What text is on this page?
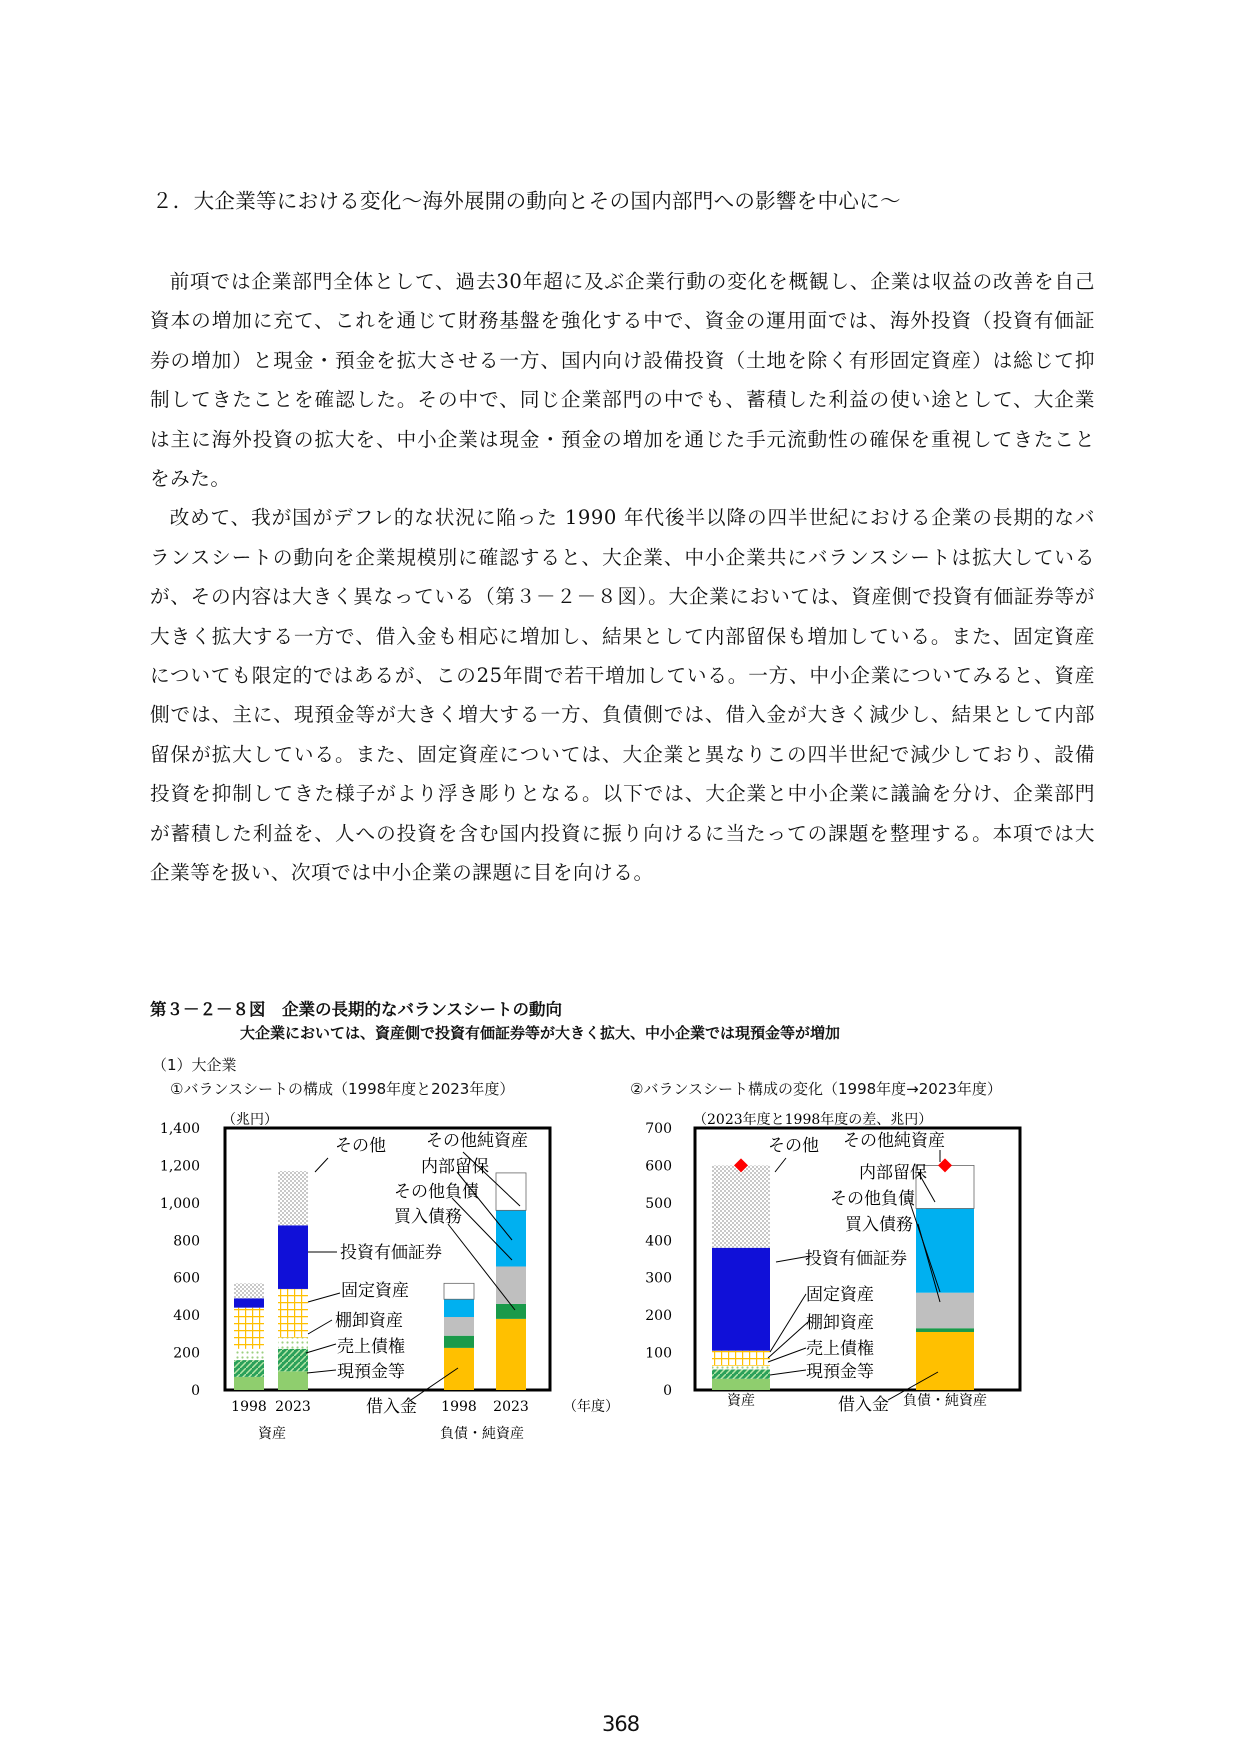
２．大企業等における変化〜海外展開の動向とその国内部門への影響を中心に〜

前項では企業部門全体として、過去30年超に及ぶ企業行動の変化を概観し、企業は収益の改善を自己資本の増加に充て、これを通じて財務基盤を強化する中で、資金の運用面では、海外投資（投資有価証券の増加）と現金・預金を拡大させる一方、国内向け設備投資（土地を除く有形固定資産）は総じて抑制してきたことを確認した。その中で、同じ企業部門の中でも、蓄積した利益の使い途として、大企業は主に海外投資の拡大を、中小企業は現金・預金の増加を通じた手元流動性の確保を重視してきたことをみた。

改めて、我が国がデフレ的な状況に陥った 1990 年代後半以降の四半世紀における企業の長期的なバランスシートの動向を企業規模別に確認すると、大企業、中小企業共にバランスシートは拡大しているが、その内容は大きく異なっている（第３－２－８図）。大企業においては、資産側で投資有価証券等が大きく拡大する一方で、借入金も相応に増加し、結果として内部留保も増加している。また、固定資産についても限定的ではあるが、この25年間で若干増加している。一方、中小企業についてみると、資産側では、主に、現預金等が大きく増大する一方、負債側では、借入金が大きく減少し、結果として内部留保が拡大している。また、固定資産については、大企業と異なりこの四半世紀で減少しており、設備投資を抑制してきた様子がより浮き彫りとなる。以下では、大企業と中小企業に議論を分け、企業部門が蓄積した利益を、人への投資を含む国内投資に振り向けるに当たっての課題を整理する。本項では大企業等を扱い、次項では中小企業の課題に目を向ける。

第３－２－８図　企業の長期的なバランスシートの動向
大企業においては、資産側で投資有価証券等が大きく拡大、中小企業では現預金等が増加
（1）大企業
①バランスシートの構成（1998年度と2023年度）	②バランスシート構成の変化（1998年度→2023年度）
0
200
400
600
800
1,000
1,200
1,400
（兆円）
1998 2023	1998 2023 （年度）
資産	負債・純資産
その他 その他純資産
内部留保
その他負債
買入債務
投資有価証券
固定資産
棚卸資産
売上債権
現預金等
借入金
0
100
200
300
400
500
600
700
（2023年度と1998年度の差、兆円）
資産	負債・純資産
その他 その他純資産
内部留保
その他負債
買入債務
投資有価証券
固定資産
棚卸資産
売上債権
現預金等
借入金
368
